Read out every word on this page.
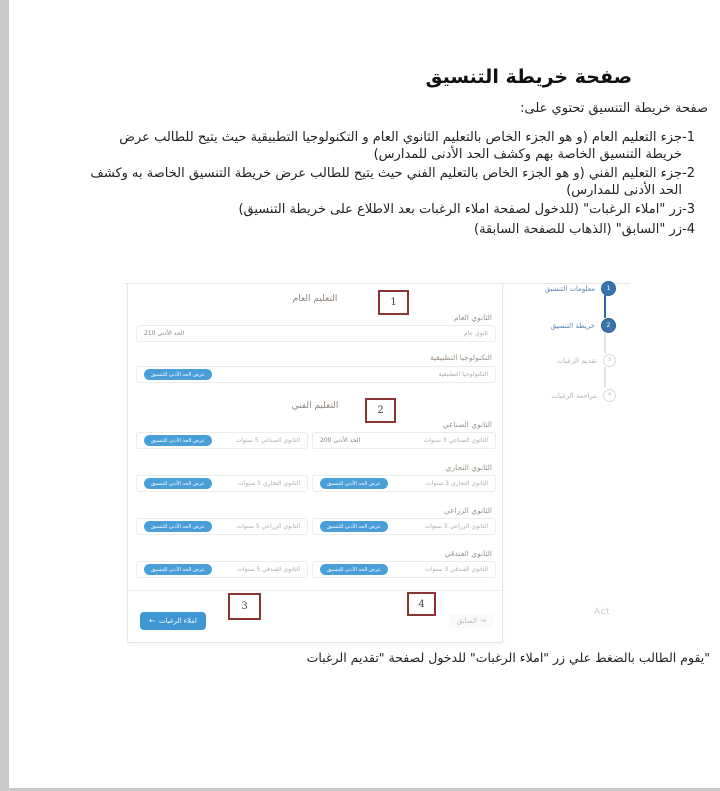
صفحة خريطة التنسيق
صفحة خريطة التنسيق تحتوي على:
-1
جزء التعليم العام (و هو الجزء الخاص بالتعليم الثانوي العام و التكنولوجيا التطبيقية حيث يتيح للطالب عرض خريطة التنسيق الخاصة بهم وكشف الحد الأدنى للمدارس)
-2
جزء التعليم الفني (و هو الجزء الخاص بالتعليم الفني حيث يتيح للطالب عرض خريطة التنسيق الخاصة به وكشف الحد الأدنى للمدارس)
-3
زر "املاء الرغبات" (للدخول لصفحة املاء الرغبات بعد الاطلاع على خريطة التنسيق)
-4
زر "السابق" (الذهاب للصفحة السابقة)
معلومات التنسيق	1
خريطة التنسيق	2
تقديم الرغبات	3
مراجعة الرغبات	4
التعليم العام	1
الثانوي العام
ثانوي عام
الحد الأدنى 210
التكنولوجيا التطبيقية
التكنولوجيا التطبيقية
عرض الحد الأدنى للتنسيق
التعليم الفني	2
الثانوي الصناعي
الثانوي الصناعي 3 سنوات
الحد الأدنى 200
الثانوي الصناعي 5 سنوات
عرض الحد الأدنى للتنسيق
الثانوي التجاري
الثانوي التجاري 3 سنوات
عرض الحد الأدنى للتنسيق
الثانوي التجاري 5 سنوات
عرض الحد الأدنى للتنسيق
الثانوي الزراعي
الثانوي الزراعي 3 سنوات
عرض الحد الأدنى للتنسيق
الثانوي الزراعي 5 سنوات
عرض الحد الأدنى للتنسيق
الثانوي الفندقي
الثانوي الفندقي 3 سنوات
عرض الحد الأدنى للتنسيق
الثانوي الفندقي 5 سنوات
عرض الحد الأدنى للتنسيق
3	4
← املاء الرغبات	السابق →
Act
"يقوم الطالب بالضغط علي زر "املاء الرغبات" للدخول لصفحة "تقديم الرغبات
